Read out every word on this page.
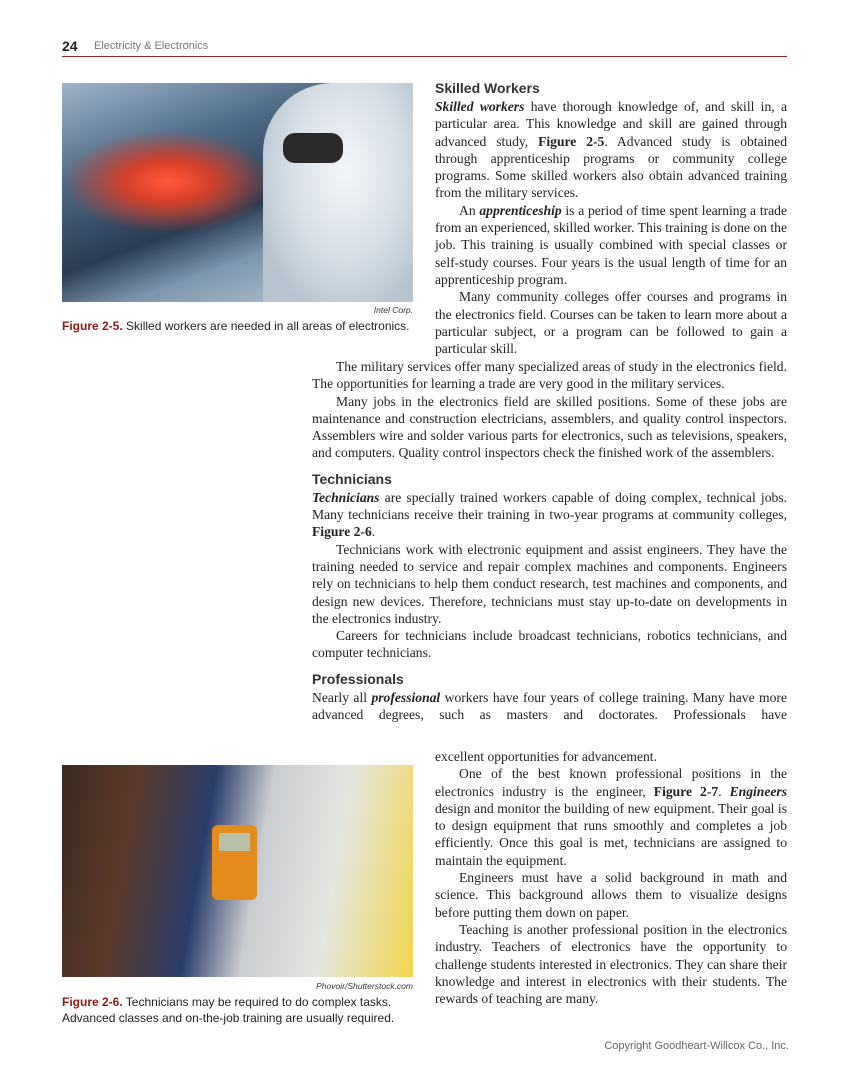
24 Electricity & Electronics
Intel Corp.
Figure 2-5. Skilled workers are needed in all areas of electronics.
Phovoir/Shutterstock.com
Figure 2-6. Technicians may be required to do complex tasks. Advanced classes and on-the-job training are usually required.
Skilled Workers

Skilled workers have thorough knowledge of, and skill in, a particular area. This knowledge and skill are gained through advanced study, Figure 2-5. Advanced study is obtained through apprenticeship programs or community college programs. Some skilled workers also obtain advanced training from the military services.

An apprenticeship is a period of time spent learning a trade from an experienced, skilled worker. This training is done on the job. This training is usually combined with special classes or self-study courses. Four years is the usual length of time for an apprenticeship program.

Many community colleges offer courses and programs in the electronics field. Courses can be taken to learn more about a particular subject, or a program can be followed to gain a particular skill.

The military services offer many specialized areas of study in the electronics field. The opportunities for learning a trade are very good in the military services.

Many jobs in the electronics field are skilled positions. Some of these jobs are maintenance and construction electricians, assemblers, and quality control inspectors. Assemblers wire and solder various parts for electronics, such as televisions, speakers, and computers. Quality control inspectors check the finished work of the assemblers.

Technicians

Technicians are specially trained workers capable of doing complex, technical jobs. Many technicians receive their training in two-year programs at community colleges, Figure 2-6.

Technicians work with electronic equipment and assist engineers. They have the training needed to service and repair complex machines and components. Engineers rely on technicians to help them conduct research, test machines and components, and design new devices. Therefore, technicians must stay up-to-date on developments in the electronics industry.

Careers for technicians include broadcast technicians, robotics technicians, and computer technicians.

Professionals

Nearly all professional workers have four years of college training. Many have more advanced degrees, such as masters and doctorates. Professionals have

excellent opportunities for advancement.

One of the best known professional positions in the electronics industry is the engineer, Figure 2-7. Engineers design and monitor the building of new equipment. Their goal is to design equipment that runs smoothly and completes a job efficiently. Once this goal is met, technicians are assigned to maintain the equipment.

Engineers must have a solid background in math and science. This background allows them to visualize designs before putting them down on paper.

Teaching is another professional position in the electronics industry. Teachers of electronics have the opportunity to challenge students interested in electronics. They can share their knowledge and interest in electronics with their students. The rewards of teaching are many.

Copyright Goodheart-Willcox Co., Inc.
